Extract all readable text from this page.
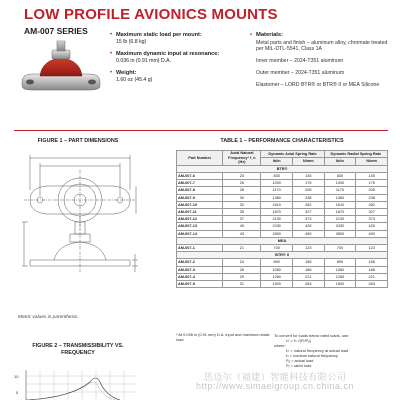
LOW PROFILE AVIONICS MOUNTS
AM-007 SERIES	• Maximum static load per mount:
15 lb (6.8 kg)
• Maximum dynamic input at resonance:
0.036 in (0.91 mm) D.A.
• Weight:
1.60 oz (45.4 g)
• Materials:

Metal parts and finish – aluminum alloy, chromate treated per MIL-DTL-5541, Class 1A

Inner member – 2024-T351 aluminum

Outer member – 2024-T351 aluminum

Elastomer – LORD BTR® or BTR® II or MEA Silicone

FIGURE 1 – PART DIMENSIONS
Metric values in parenthesis.
FIGURE 2 – TRANSMISSIBILITY VS.
FREQUENCY
10
5
TABLE 1 – PERFORMANCE CHARACTERISTICS
Part Number	Axial Natural Frequency* f_n (Hz)	Dynamic Axial Spring Rate		Dynamic Radial Spring Rate	
		lb/in	N/mm	lb/in	N/mm
BTR®					
AM-007-6	23	830	145	830	145
AM-007-7	26	1000	175	1000	175
AM-007-8	28	1170	205	1170	205
AM-007-9	30	1360	238	1360	238
AM-007-10	32	1610	282	1610	282
AM-007-11	35	1870	327	1870	327
AM-007-12	37	2130	373	2130	373
AM-007-13	40	2430	426	2430	426
AM-007-14	43	2800	490	2800	490
MEA					
AM-007-1	21	700	123	700	123
BTR® II					
AM-007-2	24	890	156	890	156
AM-007-3	26	1060	186	1060	186
AM-007-4	29	1260	221	1260	221
AM-007-5	31	1500	263	1500	263
* At 0.036 in (0.91 mm) D.A. input and maximum static load.
To convert for loads below rated loads, use:
fₙ' = fₙ √(Pᵣ/Pₐ)
where:
fₙ' = natural frequency at actual load
fₙ = nominal natural frequency
Pₐ = actual load
Pᵣ = rated load
思迈尔（福建）智能科技有限公司
http://www.simaelgroup.cn.china.cn
